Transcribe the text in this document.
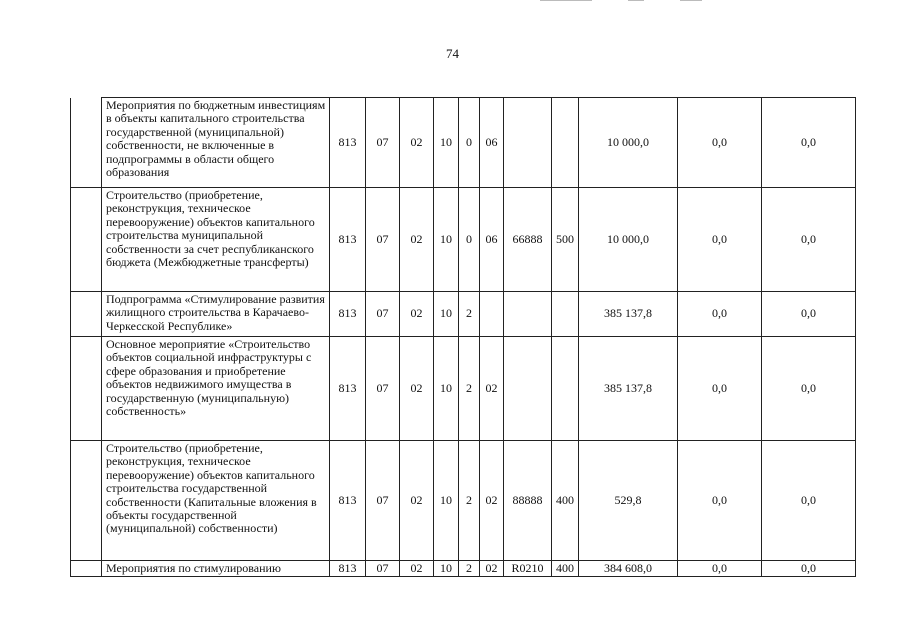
74
	Мероприятия по бюджетным инвестициям в объекты капитального строительства государственной (муниципальной) собственности, не включенные в подпрограммы в области общего образования	813	07	02	10	0	06			10 000,0	0,0	0,0
	Строительство (приобретение, реконструкция, техническое перевооружение) объектов капитального строительства муниципальной собственности за счет республиканского бюджета (Межбюджетные трансферты)	813	07	02	10	0	06	66888	500	10 000,0	0,0	0,0
	Подпрограмма «Стимулирование развития жилищного строительства в Карачаево-Черкесской Республике»	813	07	02	10	2				385 137,8	0,0	0,0
	Основное мероприятие «Строительство объектов социальной инфраструктуры с сфере образования и приобретение объектов недвижимого имущества в государственную (муниципальную) собственность»	813	07	02	10	2	02			385 137,8	0,0	0,0
	Строительство (приобретение, реконструкция, техническое перевооружение) объектов капитального строительства государственной собственности (Капитальные вложения в объекты государственной (муниципальной) собственности)	813	07	02	10	2	02	88888	400	529,8	0,0	0,0
	Мероприятия по стимулированию	813	07	02	10	2	02	R0210	400	384 608,0	0,0	0,0
